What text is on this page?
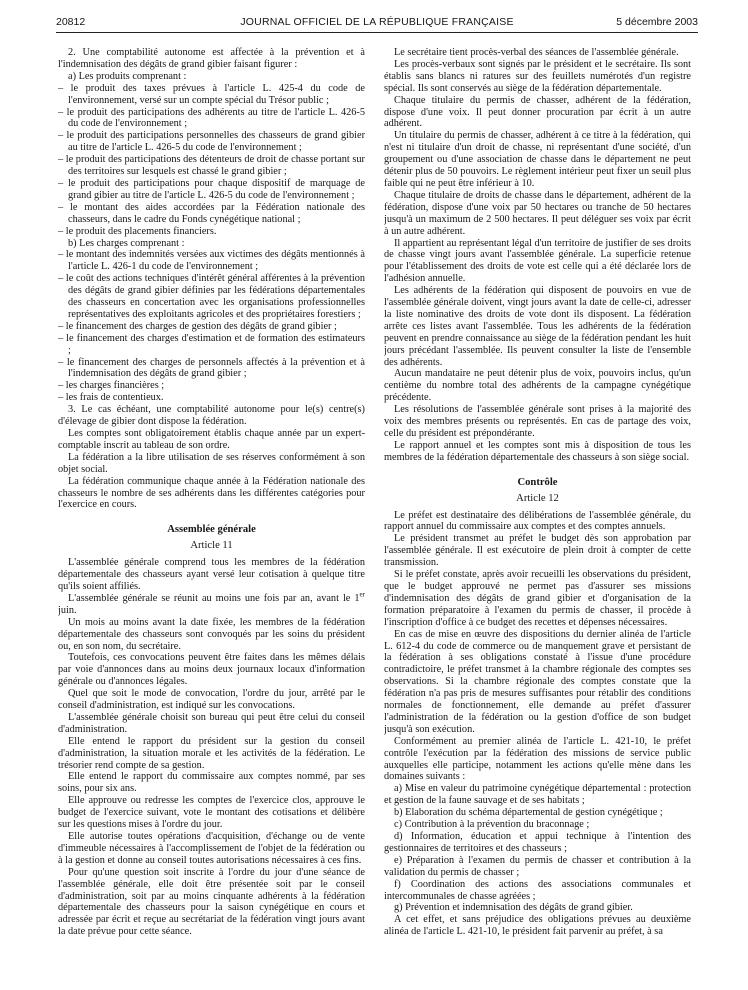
20812	JOURNAL OFFICIEL DE LA RÉPUBLIQUE FRANÇAISE	5 décembre 2003

2. Une comptabilité autonome est affectée à la prévention et à l'indemnisation des dégâts de grand gibier faisant figurer :

a) Les produits comprenant :

– le produit des taxes prévues à l'article L. 425-4 du code de l'environnement, versé sur un compte spécial du Trésor public ;

– le produit des participations des adhérents au titre de l'article L. 426-5 du code de l'environnement ;

– le produit des participations personnelles des chasseurs de grand gibier au titre de l'article L. 426-5 du code de l'environnement ;

– le produit des participations des détenteurs de droit de chasse portant sur des territoires sur lesquels est chassé le grand gibier ;

– le produit des participations pour chaque dispositif de marquage de grand gibier au titre de l'article L. 426-5 du code de l'environnement ;

– le montant des aides accordées par la Fédération nationale des chasseurs, dans le cadre du Fonds cynégétique national ;

– le produit des placements financiers.

b) Les charges comprenant :

– le montant des indemnités versées aux victimes des dégâts mentionnés à l'article L. 426-1 du code de l'environnement ;

– le coût des actions techniques d'intérêt général afférentes à la prévention des dégâts de grand gibier définies par les fédérations départementales des chasseurs en concertation avec les organisations professionnelles représentatives des exploitants agricoles et des propriétaires forestiers ;

– le financement des charges de gestion des dégâts de grand gibier ;

– le financement des charges d'estimation et de formation des estimateurs ;

– le financement des charges de personnels affectés à la prévention et à l'indemnisation des dégâts de grand gibier ;

– les charges financières ;

– les frais de contentieux.

3. Le cas échéant, une comptabilité autonome pour le(s) centre(s) d'élevage de gibier dont dispose la fédération.

Les comptes sont obligatoirement établis chaque année par un expert-comptable inscrit au tableau de son ordre.

La fédération a la libre utilisation de ses réserves conformément à son objet social.

La fédération communique chaque année à la Fédération nationale des chasseurs le nombre de ses adhérents dans les différentes catégories pour l'exercice en cours.

Assemblée générale
Article 11

L'assemblée générale comprend tous les membres de la fédération départementale des chasseurs ayant versé leur cotisation à quelque titre qu'ils soient affiliés.

L'assemblée générale se réunit au moins une fois par an, avant le 1er juin.

Un mois au moins avant la date fixée, les membres de la fédération départementale des chasseurs sont convoqués par les soins du président ou, en son nom, du secrétaire.

Toutefois, ces convocations peuvent être faites dans les mêmes délais par voie d'annonces dans au moins deux journaux locaux d'information générale ou d'annonces légales.

Quel que soit le mode de convocation, l'ordre du jour, arrêté par le conseil d'administration, est indiqué sur les convocations.

L'assemblée générale choisit son bureau qui peut être celui du conseil d'administration.

Elle entend le rapport du président sur la gestion du conseil d'administration, la situation morale et les activités de la fédération. Le trésorier rend compte de sa gestion.

Elle entend le rapport du commissaire aux comptes nommé, par ses soins, pour six ans.

Elle approuve ou redresse les comptes de l'exercice clos, approuve le budget de l'exercice suivant, vote le montant des cotisations et délibère sur les questions mises à l'ordre du jour.

Elle autorise toutes opérations d'acquisition, d'échange ou de vente d'immeuble nécessaires à l'accomplissement de l'objet de la fédération ou à la gestion et donne au conseil toutes autorisations nécessaires à ces fins.

Pour qu'une question soit inscrite à l'ordre du jour d'une séance de l'assemblée générale, elle doit être présentée soit par le conseil d'administration, soit par au moins cinquante adhérents à la fédération départementale des chasseurs pour la saison cynégétique en cours et adressée par écrit et reçue au secrétariat de la fédération vingt jours avant la date prévue pour cette séance.

Le secrétaire tient procès-verbal des séances de l'assemblée générale.

Les procès-verbaux sont signés par le président et le secrétaire. Ils sont établis sans blancs ni ratures sur des feuillets numérotés d'un registre spécial. Ils sont conservés au siège de la fédération départementale.

Chaque titulaire du permis de chasser, adhérent de la fédération, dispose d'une voix. Il peut donner procuration par écrit à un autre adhérent.

Un titulaire du permis de chasser, adhérent à ce titre à la fédération, qui n'est ni titulaire d'un droit de chasse, ni représentant d'une société, d'un groupement ou d'une association de chasse dans le département ne peut détenir plus de 50 pouvoirs. Le règlement intérieur peut fixer un seuil plus faible qui ne peut être inférieur à 10.

Chaque titulaire de droits de chasse dans le département, adhérent de la fédération, dispose d'une voix par 50 hectares ou tranche de 50 hectares jusqu'à un maximum de 2 500 hectares. Il peut déléguer ses voix par écrit à un autre adhérent.

Il appartient au représentant légal d'un territoire de justifier de ses droits de chasse vingt jours avant l'assemblée générale. La superficie retenue pour l'établissement des droits de vote est celle qui a été déclarée lors de l'adhésion annuelle.

Les adhérents de la fédération qui disposent de pouvoirs en vue de l'assemblée générale doivent, vingt jours avant la date de celle-ci, adresser la liste nominative des droits de vote dont ils disposent. La fédération arrête ces listes avant l'assemblée. Tous les adhérents de la fédération peuvent en prendre connaissance au siège de la fédération pendant les huit jours précédant l'assemblée. Ils peuvent consulter la liste de l'ensemble des adhérents.

Aucun mandataire ne peut détenir plus de voix, pouvoirs inclus, qu'un centième du nombre total des adhérents de la campagne cynégétique précédente.

Les résolutions de l'assemblée générale sont prises à la majorité des voix des membres présents ou représentés. En cas de partage des voix, celle du président est prépondérante.

Le rapport annuel et les comptes sont mis à disposition de tous les membres de la fédération départementale des chasseurs à son siège social.

Contrôle
Article 12

Le préfet est destinataire des délibérations de l'assemblée générale, du rapport annuel du commissaire aux comptes et des comptes annuels.

Le président transmet au préfet le budget dès son approbation par l'assemblée générale. Il est exécutoire de plein droit à compter de cette transmission.

Si le préfet constate, après avoir recueilli les observations du président, que le budget approuvé ne permet pas d'assurer ses missions d'indemnisation des dégâts de grand gibier et d'organisation de la formation préparatoire à l'examen du permis de chasser, il procède à l'inscription d'office à ce budget des recettes et dépenses nécessaires.

En cas de mise en œuvre des dispositions du dernier alinéa de l'article L. 612-4 du code de commerce ou de manquement grave et persistant de la fédération à ses obligations constaté à l'issue d'une procédure contradictoire, le préfet transmet à la chambre régionale des comptes ses observations. Si la chambre régionale des comptes constate que la fédération n'a pas pris de mesures suffisantes pour rétablir des conditions normales de fonctionnement, elle demande au préfet d'assurer l'administration de la fédération ou la gestion d'office de son budget jusqu'à son exécution.

Conformément au premier alinéa de l'article L. 421-10, le préfet contrôle l'exécution par la fédération des missions de service public auxquelles elle participe, notamment les actions qu'elle mène dans les domaines suivants :

a) Mise en valeur du patrimoine cynégétique départemental : protection et gestion de la faune sauvage et de ses habitats ;

b) Elaboration du schéma départemental de gestion cynégétique ;

c) Contribution à la prévention du braconnage ;

d) Information, éducation et appui technique à l'intention des gestionnaires de territoires et des chasseurs ;

e) Préparation à l'examen du permis de chasser et contribution à la validation du permis de chasser ;

f) Coordination des actions des associations communales et intercommunales de chasse agréées ;

g) Prévention et indemnisation des dégâts de grand gibier.

A cet effet, et sans préjudice des obligations prévues au deuxième alinéa de l'article L. 421-10, le président fait parvenir au préfet, à sa
